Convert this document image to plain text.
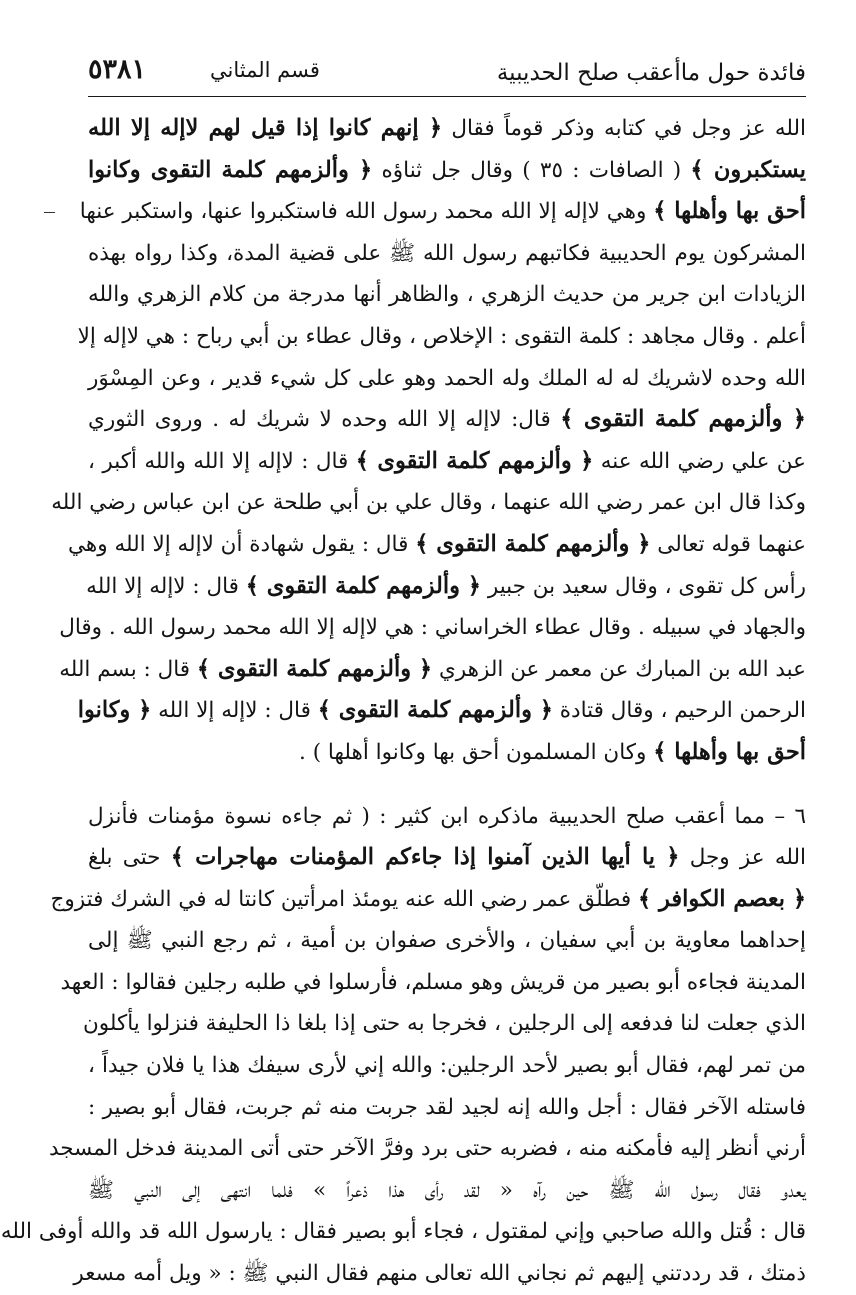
فائدة حول ماأعقب صلح الحديبية
قسم المثاني
٥٣٨١
الله عز وجل في كتابه وذكر قوماً فقال ﴿ إنهم كانوا إذا قيل لهم لاإله إلا الله
يستكبرون ﴾ ( الصافات : ٣٥ ) وقال جل ثناؤه ﴿ وألزمهم كلمة التقوى وكانوا
أحق بها وأهلها ﴾ وهي لاإله إلا الله محمد رسول الله فاستكبروا عنها، واستكبر عنها
المشركون يوم الحديبية فكاتبهم رسول الله ﷺ على قضية المدة، وكذا رواه بهذه
الزيادات ابن جرير من حديث الزهري ، والظاهر أنها مدرجة من كلام الزهري والله
أعلم . وقال مجاهد : كلمة التقوى : الإخلاص ، وقال عطاء بن أبي رباح : هي لاإله إلا
الله وحده لاشريك له له الملك وله الحمد وهو على كل شيء قدير ، وعن المِسْوَر
﴿ وألزمهم كلمة التقوى ﴾ قال: لاإله إلا الله وحده لا شريك له . وروى الثوري
عن علي رضي الله عنه ﴿ وألزمهم كلمة التقوى ﴾ قال : لاإله إلا الله والله أكبر ،
وكذا قال ابن عمر رضي الله عنهما ، وقال علي بن أبي طلحة عن ابن عباس رضي الله
عنهما قوله تعالى ﴿ وألزمهم كلمة التقوى ﴾ قال : يقول شهادة أن لاإله إلا الله وهي
رأس كل تقوى ، وقال سعيد بن جبير ﴿ وألزمهم كلمة التقوى ﴾ قال : لاإله إلا الله
والجهاد في سبيله . وقال عطاء الخراساني : هي لاإله إلا الله محمد رسول الله . وقال
عبد الله بن المبارك عن معمر عن الزهري ﴿ وألزمهم كلمة التقوى ﴾ قال : بسم الله
الرحمن الرحيم ، وقال قتادة ﴿ وألزمهم كلمة التقوى ﴾ قال : لاإله إلا الله ﴿ وكانوا
أحق بها وأهلها ﴾ وكان المسلمون أحق بها وكانوا أهلها ) .
٦ – مما أعقب صلح الحديبية ماذكره ابن كثير : ( ثم جاءه نسوة مؤمنات فأنزل
الله عز وجل ﴿ يا أيها الذين آمنوا إذا جاءكم المؤمنات مهاجرات ﴾ حتى بلغ
﴿ بعصم الكوافر ﴾ فطلّق عمر رضي الله عنه يومئذ امرأتين كانتا له في الشرك فتزوج
إحداهما معاوية بن أبي سفيان ، والأخرى صفوان بن أمية ، ثم رجع النبي ﷺ إلى
المدينة فجاءه أبو بصير من قريش وهو مسلم، فأرسلوا في طلبه رجلين فقالوا : العهد
الذي جعلت لنا فدفعه إلى الرجلين ، فخرجا به حتى إذا بلغا ذا الحليفة فنزلوا يأكلون
من تمر لهم، فقال أبو بصير لأحد الرجلين: والله إني لأرى سيفك هذا يا فلان جيداً ،
فاستله الآخر فقال : أجل والله إنه لجيد لقد جربت منه ثم جربت، فقال أبو بصير :
أرني أنظر إليه فأمكنه منه ، فضربه حتى برد وفرَّ الآخر حتى أتى المدينة فدخل المسجد
يعدو فقال رسول الله ﷺ حين رآه « لقد رأى هذا ذعراً » فلما انتهى إلى النبي ﷺ
قال : قُتل والله صاحبي وإني لمقتول ، فجاء أبو بصير فقال : يارسول الله قد والله أوفى الله
ذمتك ، قد رددتني إليهم ثم نجاني الله تعالى منهم فقال النبي ﷺ : « ويل أمه مسعر
